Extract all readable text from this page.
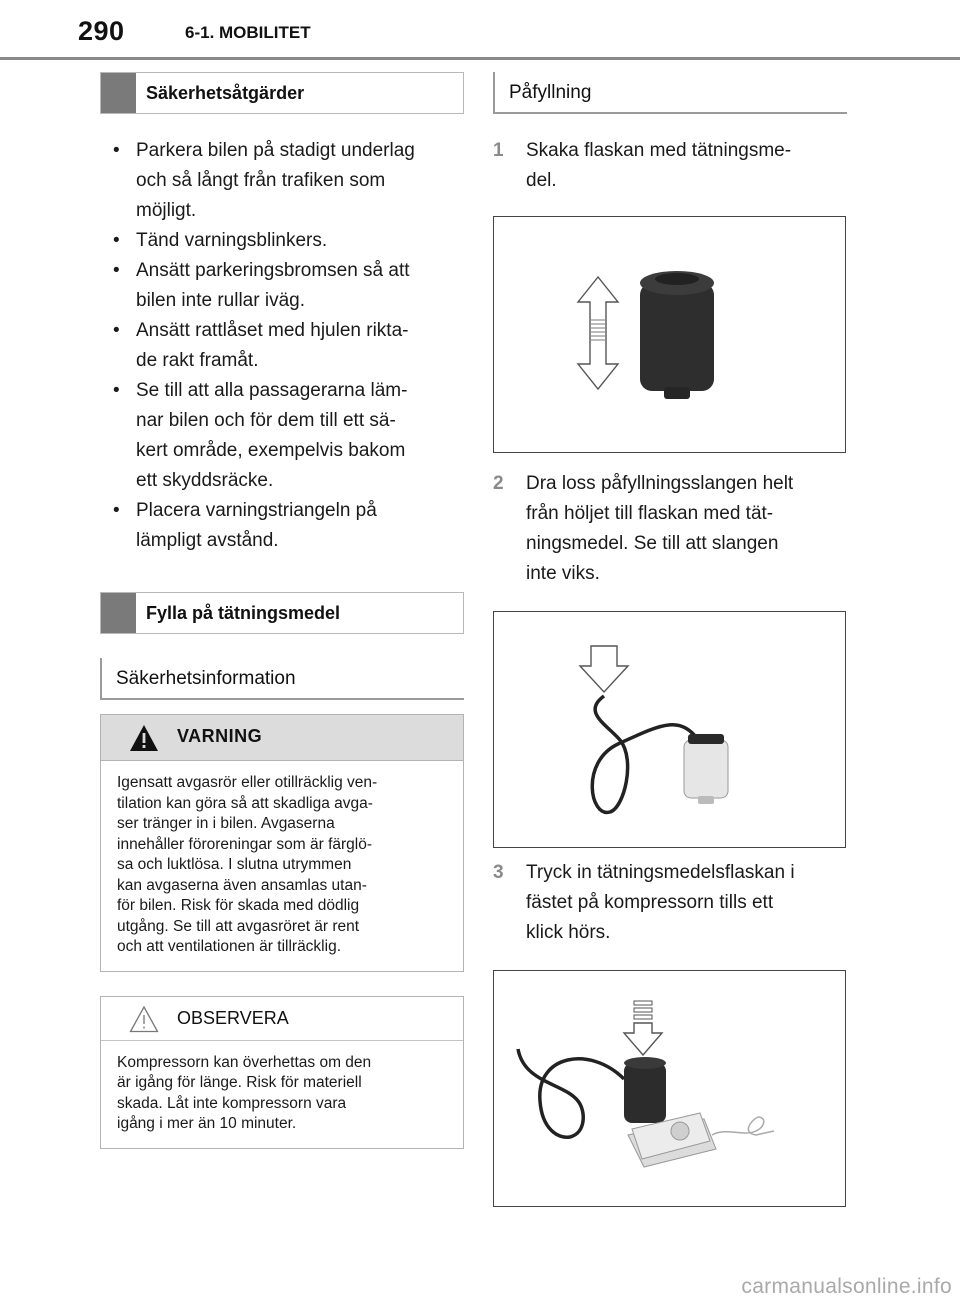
290	6-1. MOBILITET
Säkerhetsåtgärder
• Parkera bilen på stadigt underlag
och så långt från trafiken som
möjligt.
• Tänd varningsblinkers.
• Ansätt parkeringsbromsen så att
bilen inte rullar iväg.
• Ansätt rattlåset med hjulen rikta-
de rakt framåt.
• Se till att alla passagerarna läm-
nar bilen och för dem till ett sä-
kert område, exempelvis bakom
ett skyddsräcke.
• Placera varningstriangeln på
lämpligt avstånd.
Fylla på tätningsmedel
Säkerhetsinformation
VARNING
Igensatt avgasrör eller otillräcklig ven-
tilation kan göra så att skadliga avga-
ser tränger in i bilen. Avgaserna
innehåller föroreningar som är färglö-
sa och luktlösa. I slutna utrymmen
kan avgaserna även ansamlas utan-
för bilen. Risk för skada med dödlig
utgång. Se till att avgasröret är rent
och att ventilationen är tillräcklig.
OBSERVERA
Kompressorn kan överhettas om den
är igång för länge. Risk för materiell
skada. Låt inte kompressorn vara
igång i mer än 10 minuter.
Påfyllning
1 Skaka flaskan med tätningsme-
del.
2 Dra loss påfyllningsslangen helt
från höljet till flaskan med tät-
ningsmedel. Se till att slangen
inte viks.
3 Tryck in tätningsmedelsflaskan i
fästet på kompressorn tills ett
klick hörs.
carmanualsonline.info
